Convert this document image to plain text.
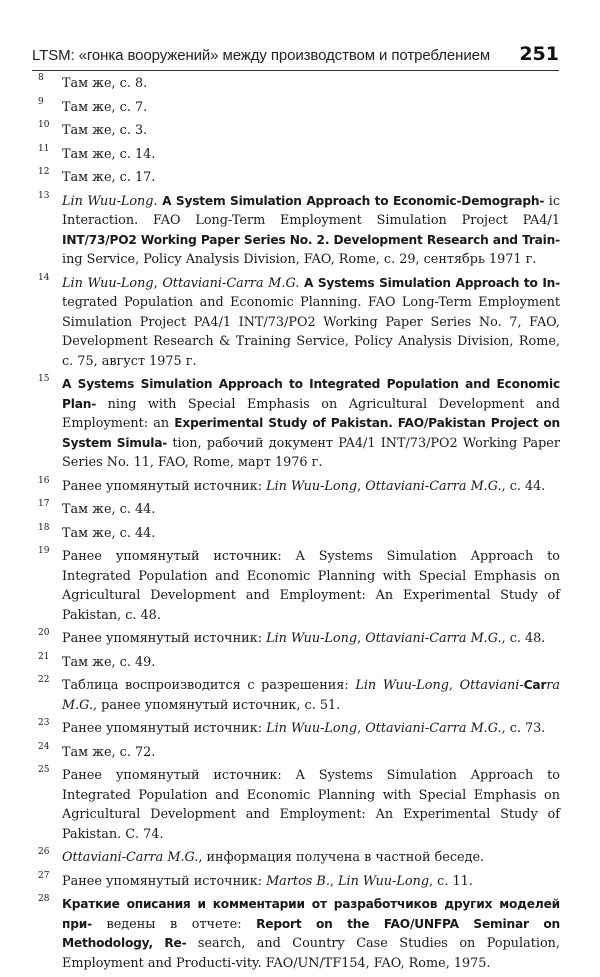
LTSM: «гонка вооружений» между производством и потреблением 251
8 Там же, с. 8.
9 Там же, с. 7.
10 Там же, с. 3.
11 Там же, с. 14.
12 Там же, с. 17.
13 Lin Wuu-Long. A System Simulation Approach to Economic-Demograph- ic Interaction. FAO Long-Term Employment Simulation Project PA4/1 INT/73/PO2 Working Paper Series No. 2. Development Research and Train- ing Service, Policy Analysis Division, FAO, Rome, с. 29, сентябрь 1971 г.
14 Lin Wuu-Long, Ottaviani-Carra M.G. A Systems Simulation Approach to In- tegrated Population and Economic Planning. FAO Long-Term Employment Simulation Project PA4/1 INT/73/PO2 Working Paper Series No. 7, FAO, Development Research & Training Service, Policy Analysis Division, Rome, с. 75, август 1975 г.
15 A Systems Simulation Approach to Integrated Population and Economic Plan- ning with Special Emphasis on Agricultural Development and Employment: an Experimental Study of Pakistan. FAO/Pakistan Project on System Simula- tion, рабочий документ PA4/1 INT/73/PO2 Working Paper Series No. 11, FAO, Rome, март 1976 г.
16 Ранее упомянутый источник: Lin Wuu-Long, Ottaviani-Carra M.G., с. 44.
17 Там же, с. 44.
18 Там же, с. 44.
19 Ранее упомянутый источник: A Systems Simulation Approach to Integrated Population and Economic Planning with Special Emphasis on Agricultural Development and Employment: An Experimental Study of Pakistan, с. 48.
20 Ранее упомянутый источник: Lin Wuu-Long, Ottaviani-Carra M.G., с. 48.
21 Там же, с. 49.
22 Таблица воспроизводится с разрешения: Lin Wuu-Long, Ottaviani-Carra M.G., ранее упомянутый источник, с. 51.
23 Ранее упомянутый источник: Lin Wuu-Long, Ottaviani-Carra M.G., с. 73.
24 Там же, с. 72.
25 Ранее упомянутый источник: A Systems Simulation Approach to Integrated Population and Economic Planning with Special Emphasis on Agricultural Development and Employment: An Experimental Study of Pakistan. С. 74.
26 Ottaviani-Carra M.G., информация получена в частной беседе.
27 Ранее упомянутый источник: Martos B., Lin Wuu-Long, с. 11.
28 Краткие описания и комментарии от разработчиков других моделей при- ведены в отчете: Report on the FAO/UNFPA Seminar on Methodology, Re- search, and Country Case Studies on Population, Employment and Producti-vity. FAO/UN/TF154, FAO, Rome, 1975.
